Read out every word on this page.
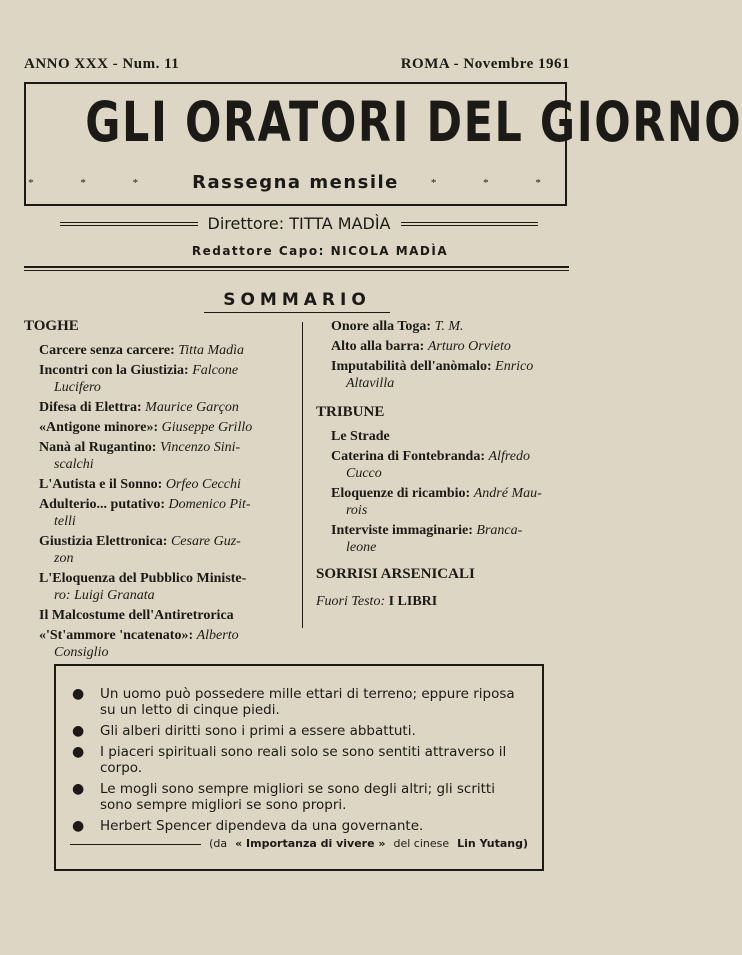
ANNO XXX - Num. 11	ROMA - Novembre 1961
GLI ORATORI DEL GIORNO
* * * Rassegna mensile	* * *
Direttore: TITTA MADÌA
Redattore Capo: NICOLA MADÌA
SOMMARIO
TOGHE
Carcere senza carcere: Titta Madìa
Incontri con la Giustizia: Falcone
Lucifero
Difesa di Elettra: Maurice Garçon
«Antigone minore»: Giuseppe Grillo
Nanà al Rugantino: Vincenzo Sini-
scalchi
L'Autista e il Sonno: Orfeo Cecchi
Adulterio... putativo: Domenico Pit-
telli
Giustizia Elettronica: Cesare Guz-
zon
L'Eloquenza del Pubblico Ministe-
ro: Luigi Granata
Il Malcostume dell'Antiretrorica
«'St'ammore 'ncatenato»: Alberto
Consiglio
Onore alla Toga: T. M.
Alto alla barra: Arturo Orvieto
Imputabilità dell'anòmalo: Enrico
Altavilla
TRIBUNE
Le Strade
Caterina di Fontebranda: Alfredo
Cucco
Eloquenze di ricambio: André Mau-
rois
Interviste immaginarie: Branca-
leone
SORRISI ARSENICALI
Fuori Testo: I LIBRI
●	Un uomo può possedere mille ettari di terreno; eppure riposa su un letto di cinque piedi.
●	Gli alberi diritti sono i primi a essere abbattuti.
●	I piaceri spirituali sono reali solo se sono sentiti attraverso il corpo.
●	Le mogli sono sempre migliori se sono degli altri; gli scritti sono sempre migliori se sono propri.
●	Herbert Spencer dipendeva da una governante.
(da « Importanza di vivere » del cinese Lin Yutang)
